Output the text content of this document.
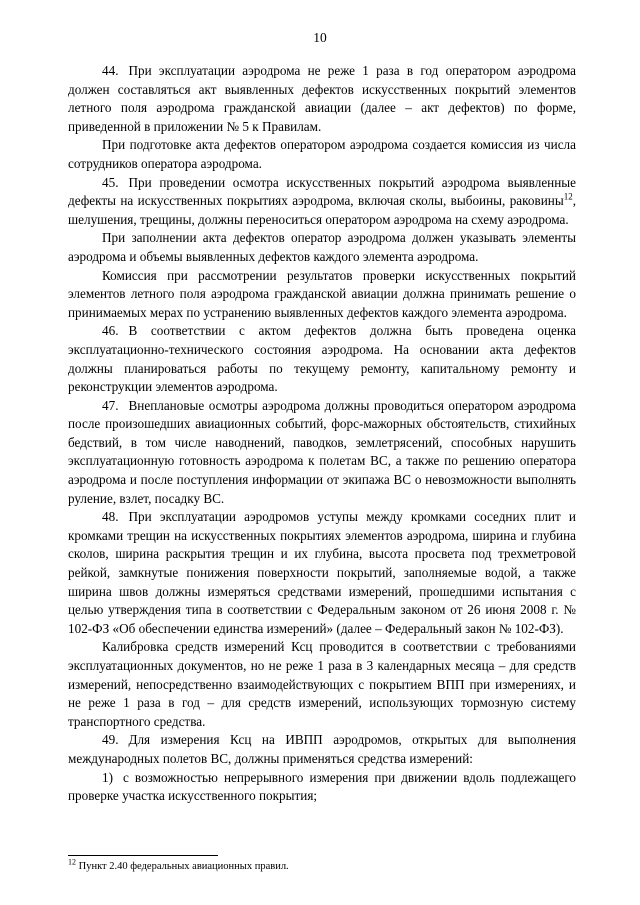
10

44. При эксплуатации аэродрома не реже 1 раза в год оператором аэродрома должен составляться акт выявленных дефектов искусственных покрытий элементов летного поля аэродрома гражданской авиации (далее – акт дефектов) по форме, приведенной в приложении № 5 к Правилам.

При подготовке акта дефектов оператором аэродрома создается комиссия из числа сотрудников оператора аэродрома.

45. При проведении осмотра искусственных покрытий аэродрома выявленные дефекты на искусственных покрытиях аэродрома, включая сколы, выбоины, раковины$^{12}$, шелушения, трещины, должны переноситься оператором аэродрома на схему аэродрома.

При заполнении акта дефектов оператор аэродрома должен указывать элементы аэродрома и объемы выявленных дефектов каждого элемента аэродрома.

Комиссия при рассмотрении результатов проверки искусственных покрытий элементов летного поля аэродрома гражданской авиации должна принимать решение о принимаемых мерах по устранению выявленных дефектов каждого элемента аэродрома.

46. В соответствии с актом дефектов должна быть проведена оценка эксплуатационно-технического состояния аэродрома. На основании акта дефектов должны планироваться работы по текущему ремонту, капитальному ремонту и реконструкции элементов аэродрома.

47. Внеплановые осмотры аэродрома должны проводиться оператором аэродрома после произошедших авиационных событий, форс-мажорных обстоятельств, стихийных бедствий, в том числе наводнений, паводков, землетрясений, способных нарушить эксплуатационную готовность аэродрома к полетам ВС, а также по решению оператора аэродрома и после поступления информации от экипажа ВС о невозможности выполнять руление, взлет, посадку ВС.

48. При эксплуатации аэродромов уступы между кромками соседних плит и кромками трещин на искусственных покрытиях элементов аэродрома, ширина и глубина сколов, ширина раскрытия трещин и их глубина, высота просвета под трехметровой рейкой, замкнутые понижения поверхности покрытий, заполняемые водой, а также ширина швов должны измеряться средствами измерений, прошедшими испытания с целью утверждения типа в соответствии с Федеральным законом от 26 июня 2008 г. № 102-ФЗ «Об обеспечении единства измерений» (далее – Федеральный закон № 102-ФЗ).

Калибровка средств измерений Ксц проводится в соответствии с требованиями эксплуатационных документов, но не реже 1 раза в 3 календарных месяца – для средств измерений, непосредственно взаимодействующих с покрытием ВПП при измерениях, и не реже 1 раза в год – для средств измерений, использующих тормозную систему транспортного средства.

49. Для измерения Ксц на ИВПП аэродромов, открытых для выполнения международных полетов ВС, должны применяться средства измерений:

1) с возможностью непрерывного измерения при движении вдоль подлежащего проверке участка искусственного покрытия;

$^{12}$ Пункт 2.40 федеральных авиационных правил.
